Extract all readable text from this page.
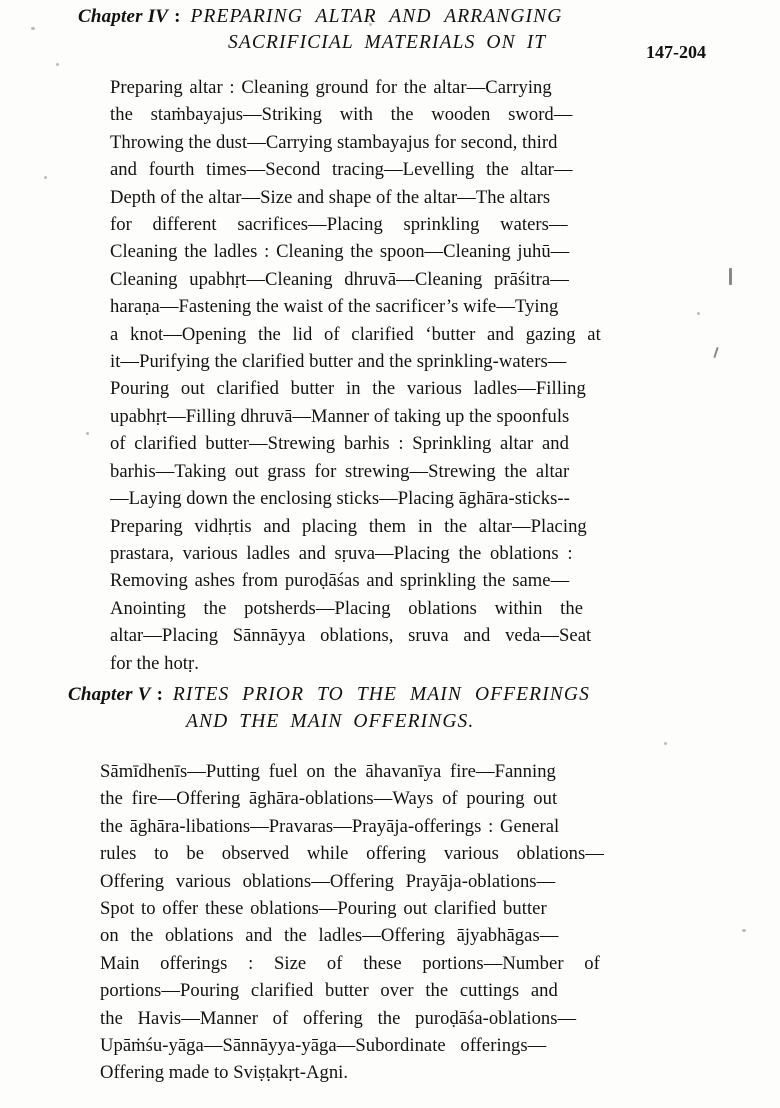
Chapter IV : PREPARING ALTAR AND ARRANGING
SACRIFICIAL MATERIALS ON IT	147-204
Preparing altar : Cleaning ground for the altar—Carrying
the staṁbayajus—Striking with the wooden sword—
Throwing the dust—Carrying stambayajus for second, third
and fourth times—Second tracing—Levelling the altar—
Depth of the altar—Size and shape of the altar—The altars
for different sacrifices—Placing sprinkling waters—
Cleaning the ladles : Cleaning the spoon—Cleaning juhū—
Cleaning upabhṛt—Cleaning dhruvā—Cleaning prāśitra—
haraṇa—Fastening the waist of the sacrificer’s wife—Tying
a knot—Opening the lid of clarified ‘butter and gazing at
it—Purifying the clarified butter and the sprinkling-waters—
Pouring out clarified butter in the various ladles—Filling
upabhṛt—Filling dhruvā—Manner of taking up the spoonfuls
of clarified butter—Strewing barhis : Sprinkling altar and
barhis—Taking out grass for strewing—Strewing the altar
—Laying down the enclosing sticks—Placing āghāra-sticks--
Preparing vidhṛtis and placing them in the altar—Placing
prastara, various ladles and sṛuva—Placing the oblations :
Removing ashes from puroḍāśas and sprinkling the same—
Anointing the potsherds—Placing oblations within the
altar—Placing Sānnāyya oblations, sruva and veda—Seat
for the hotṛ.
Chapter V : RITES PRIOR TO THE MAIN OFFERINGS
AND THE MAIN OFFERINGS.
Sāmīdhenīs—Putting fuel on the āhavanīya fire—Fanning
the fire—Offering āghāra-oblations—Ways of pouring out
the āghāra-libations—Pravaras—Prayāja-offerings : General
rules to be observed while offering various oblations—
Offering various oblations—Offering Prayāja-oblations—
Spot to offer these oblations—Pouring out clarified butter
on the oblations and the ladles—Offering ājyabhāgas—
Main offerings : Size of these portions—Number of
portions—Pouring clarified butter over the cuttings and
the Havis—Manner of offering the puroḍāśa-oblations—
Upāṁśu-yāga—Sānnāyya-yāga—Subordinate offerings—
Offering made to Sviṣṭakṛt-Agni.
